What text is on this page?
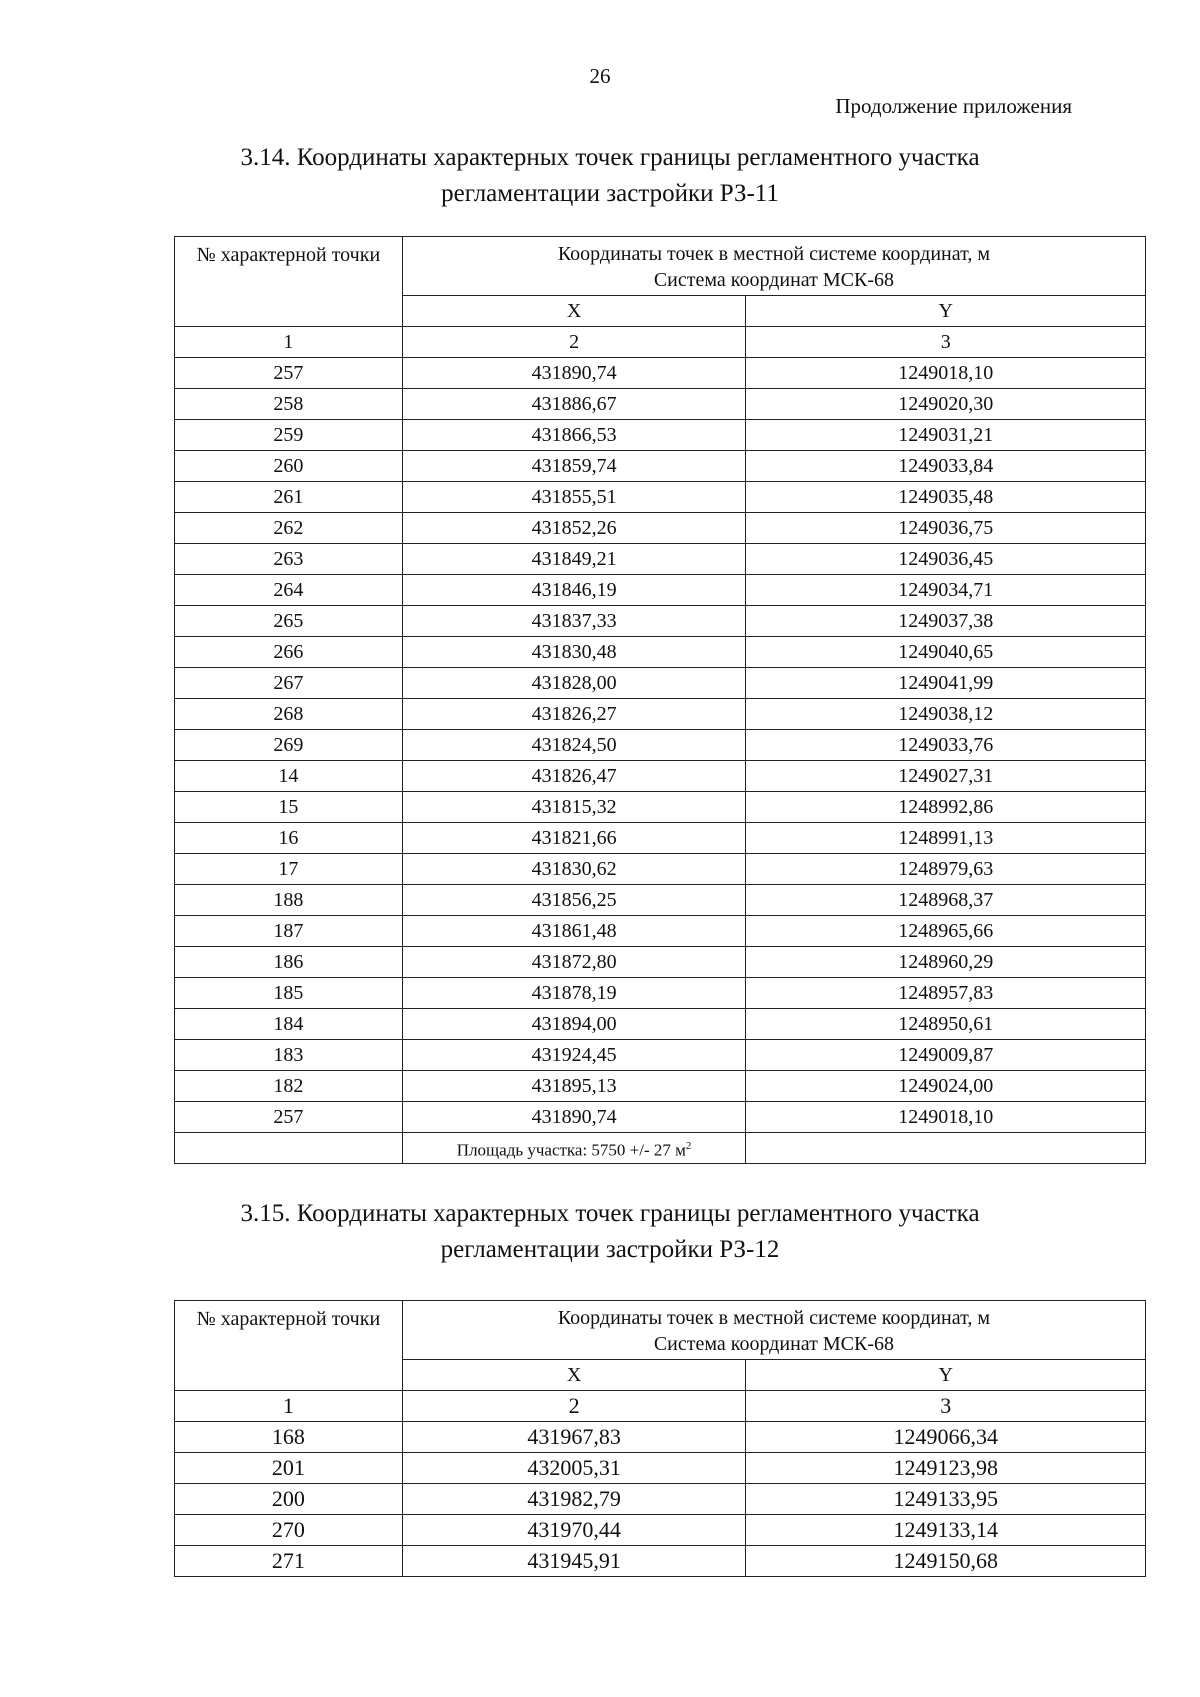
26
Продолжение приложения
3.14. Координаты характерных точек границы регламентного участка
регламентации застройки РЗ-11
№ характерной точки	Координаты точек в местной системе координат, м
Система координат МСК-68	

	X	Y
1	2	3
257	431890,74	1249018,10
258	431886,67	1249020,30
259	431866,53	1249031,21
260	431859,74	1249033,84
261	431855,51	1249035,48
262	431852,26	1249036,75
263	431849,21	1249036,45
264	431846,19	1249034,71
265	431837,33	1249037,38
266	431830,48	1249040,65
267	431828,00	1249041,99
268	431826,27	1249038,12
269	431824,50	1249033,76
14	431826,47	1249027,31
15	431815,32	1248992,86
16	431821,66	1248991,13
17	431830,62	1248979,63
188	431856,25	1248968,37
187	431861,48	1248965,66
186	431872,80	1248960,29
185	431878,19	1248957,83
184	431894,00	1248950,61
183	431924,45	1249009,87
182	431895,13	1249024,00
257	431890,74	1249018,10
	Площадь участка: 5750 +/- 27 $м^2$	
3.15. Координаты характерных точек границы регламентного участка
регламентации застройки РЗ-12
№ характерной точки	Координаты точек в местной системе координат, м
Система координат МСК-68	

	X	Y
1	2	3
168	431967,83	1249066,34
201	432005,31	1249123,98
200	431982,79	1249133,95
270	431970,44	1249133,14
271	431945,91	1249150,68
